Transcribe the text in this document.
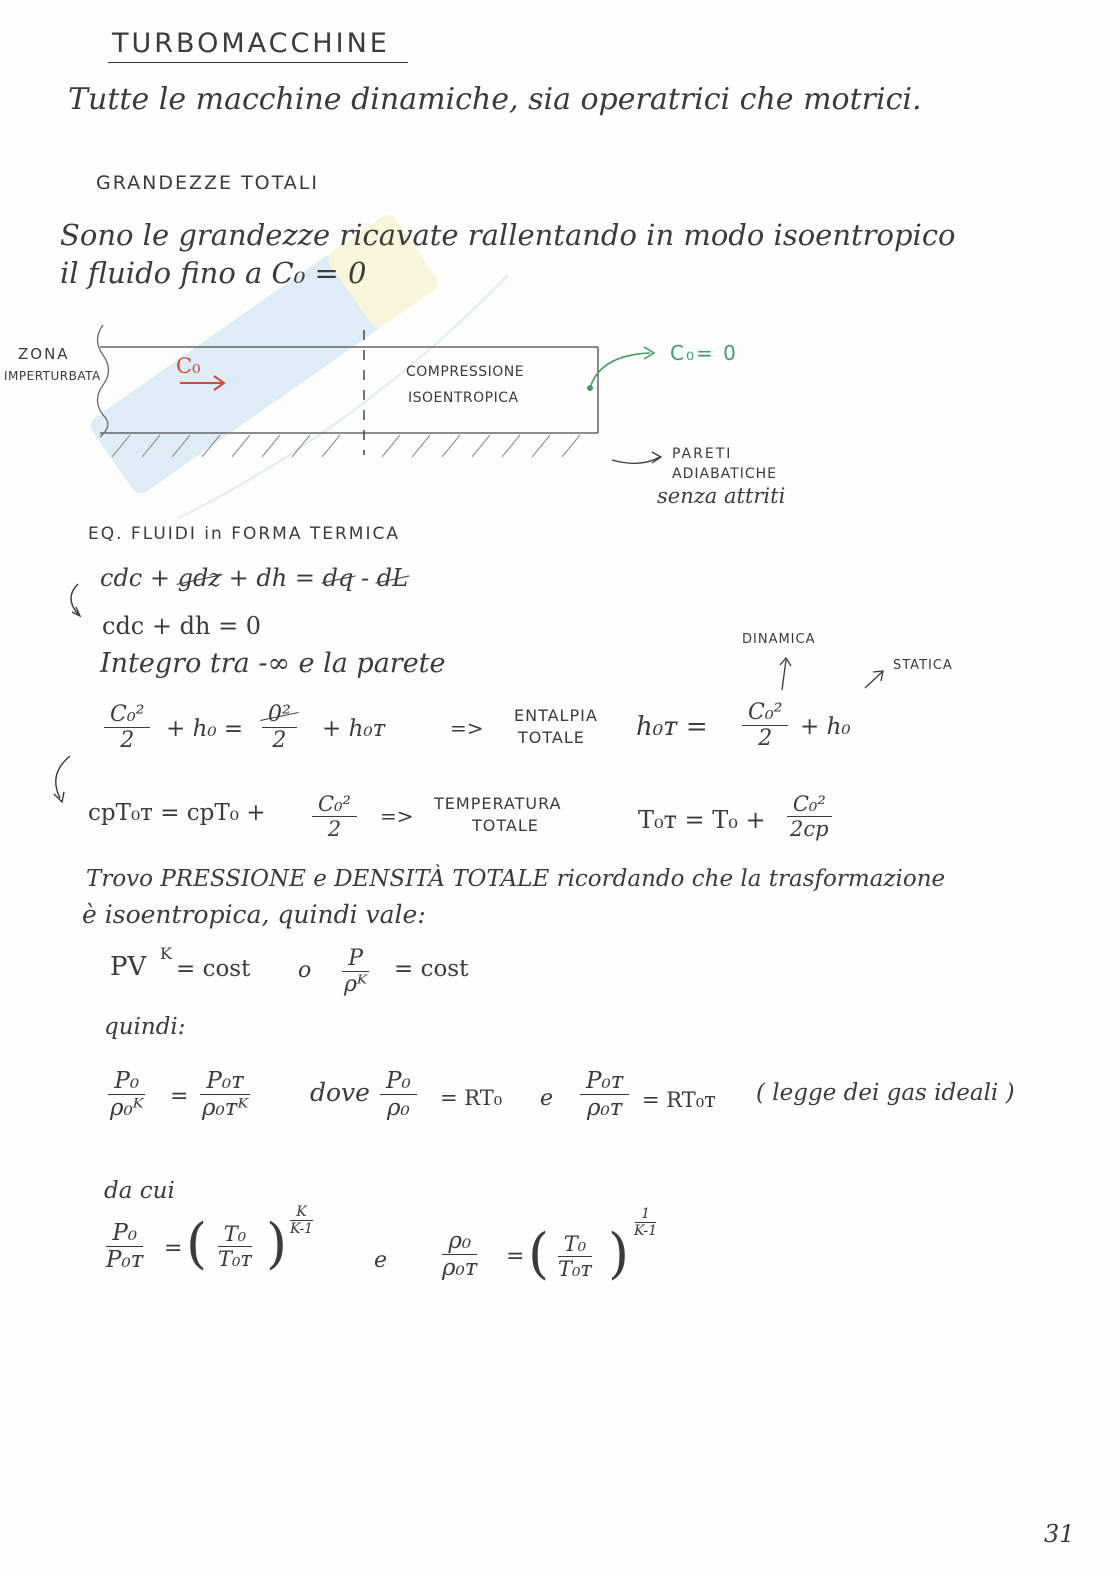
TURBOMACCHINE
Tutte le macchine dinamiche, sia operatrici che motrici.
GRANDEZZE TOTALI
Sono le grandezze ricavate rallentando in modo isoentropico
il fluido fino a C₀ = 0
ZONA
IMPERTURBATA	C₀	COMPRESSIONE
ISOENTROPICA
C₀= 0
PARETI
ADIABATICHE
senza attriti
EQ. FLUIDI in FORMA TERMICA
cdc + gdz + dh = dq - dL
cdc + dh = 0	DINAMICA
STATICA
Integro tra -∞ e la parete
$\frac{\text{C₀²}}{2} + h_0 = \frac{\text{0²}}{2}$ + h₀ᴛ	=>
ENTALPIA
TOTALE h₀ᴛ = $\frac{\text{C₀²}}{2} + h_0$
cpT₀ᴛ = $cpT_0 + \frac{\text{C₀²}}{2}$ =>
TEMPERATURA
TOTALE	T₀ᴛ = $T_0 + \frac{\text{C₀²}}{2cp}$
Trovo PRESSIONE e DENSITÀ TOTALE ricordando che la trasformazione
è isoentropica, quindi vale:
PV K
= cost o $\frac{P}{\text{ρᴷ}} = \cos t$
quindi:
$\frac{\text{P₀}}{\text{ρ₀ᴷ}} = \frac{\text{P₀ᴛ}}{\text{ρ₀ᴛᴷ}}$ dove $\frac{\text{P₀}}{\text{ρ₀}} = RT_0$ e $\frac{\text{P₀ᴛ}}{\text{ρ₀ᴛ}}$ = RT₀ᴛ ( legge dei gas ideali )
da cui
$\frac{\text{P₀}}{\text{P₀ᴛ}}$ = ( $\frac{\text{T₀}}{\text{T₀ᴛ}}$ )
$\frac{K}{K-1}$
e $\frac{\text{ρ₀}}{\text{ρ₀ᴛ}}$ = ( $\frac{\text{T₀}}{\text{T₀ᴛ}}$ )
$\frac{1}{K-1}$
31
